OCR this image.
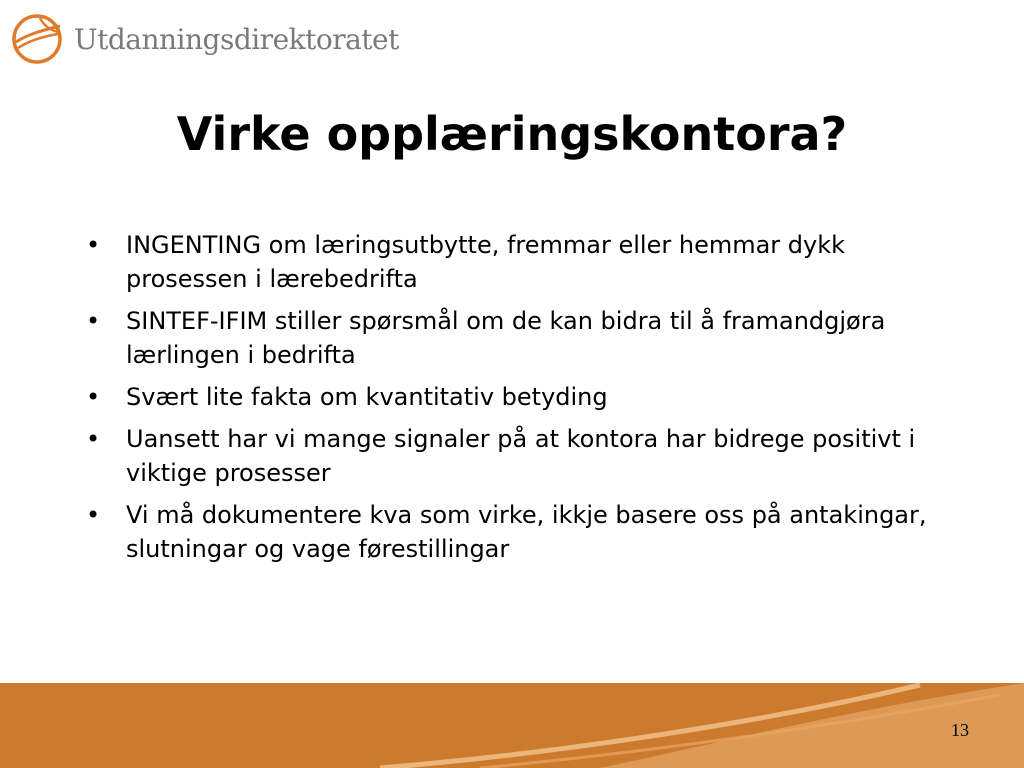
Utdanningsdirektoratet
Virke opplæringskontora?
• INGENTING om læringsutbytte, fremmar eller hemmar dykk prosessen i lærebedrifta
• SINTEF-IFIM stiller spørsmål om de kan bidra til å framandgjøra lærlingen i bedrifta
• Svært lite fakta om kvantitativ betyding
• Uansett har vi mange signaler på at kontora har bidrege positivt i viktige prosesser
• Vi må dokumentere kva som virke, ikkje basere oss på antakingar, slutningar og vage førestillingar
13
